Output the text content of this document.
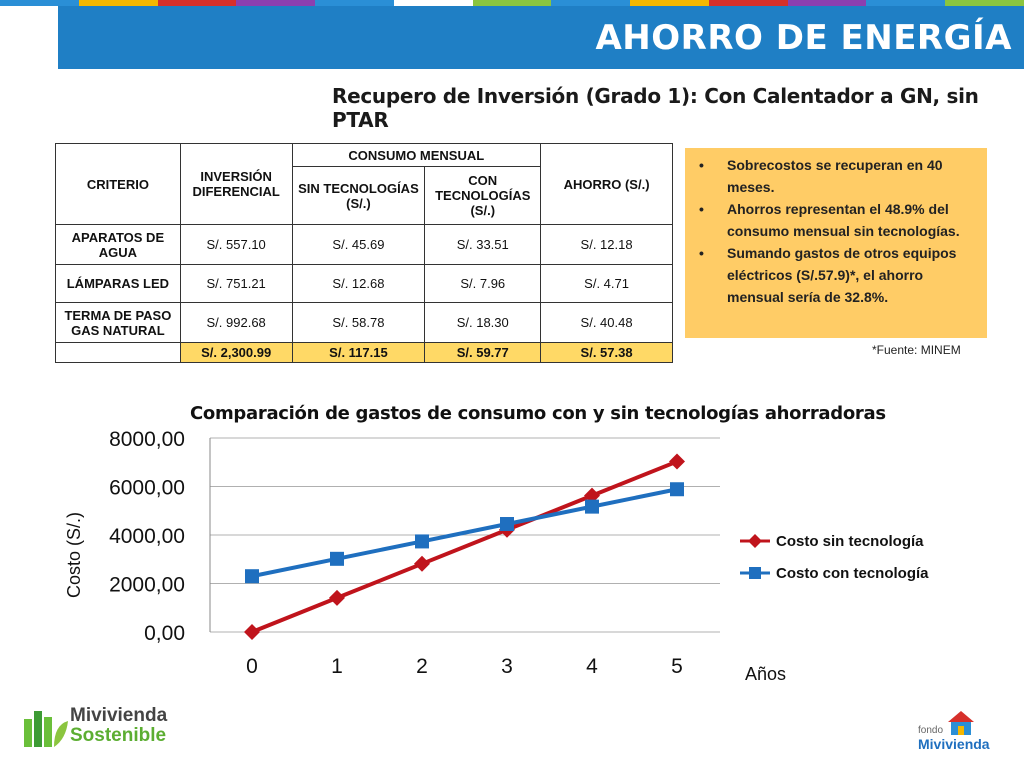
AHORRO DE ENERGÍA
Recupero de Inversión (Grado 1): Con Calentador a GN, sin PTAR
CRITERIO	INVERSIÓN DIFERENCIAL	CONSUMO MENSUAL		AHORRO (S/.)
		SIN TECNOLOGÍAS (S/.)	CON TECNOLOGÍAS (S/.)	
APARATOS DE AGUA	S/. 557.10	S/. 45.69	S/. 33.51	S/. 12.18
LÁMPARAS LED	S/. 751.21	S/. 12.68	S/. 7.96	S/. 4.71
TERMA DE PASO GAS NATURAL	S/. 992.68	S/. 58.78	S/. 18.30	S/. 40.48
	S/. 2,300.99	S/. 117.15	S/. 59.77	S/. 57.38
• Sobrecostos se recuperan en 40 meses.
• Ahorros representan el 48.9% del consumo mensual sin tecnologías.
• Sumando gastos de otros equipos eléctricos (S/.57.9)*, el ahorro mensual sería de 32.8%.
*Fuente: MINEM
Comparación de gastos de consumo con y sin tecnologías ahorradoras
0,00
2000,00
4000,00
6000,00
8000,00
0	1	2	3	4	5
Costo (S/.)
Años
Costo sin tecnología
Costo con tecnología
Mivivienda
Sostenible	fondo
Mivivienda
